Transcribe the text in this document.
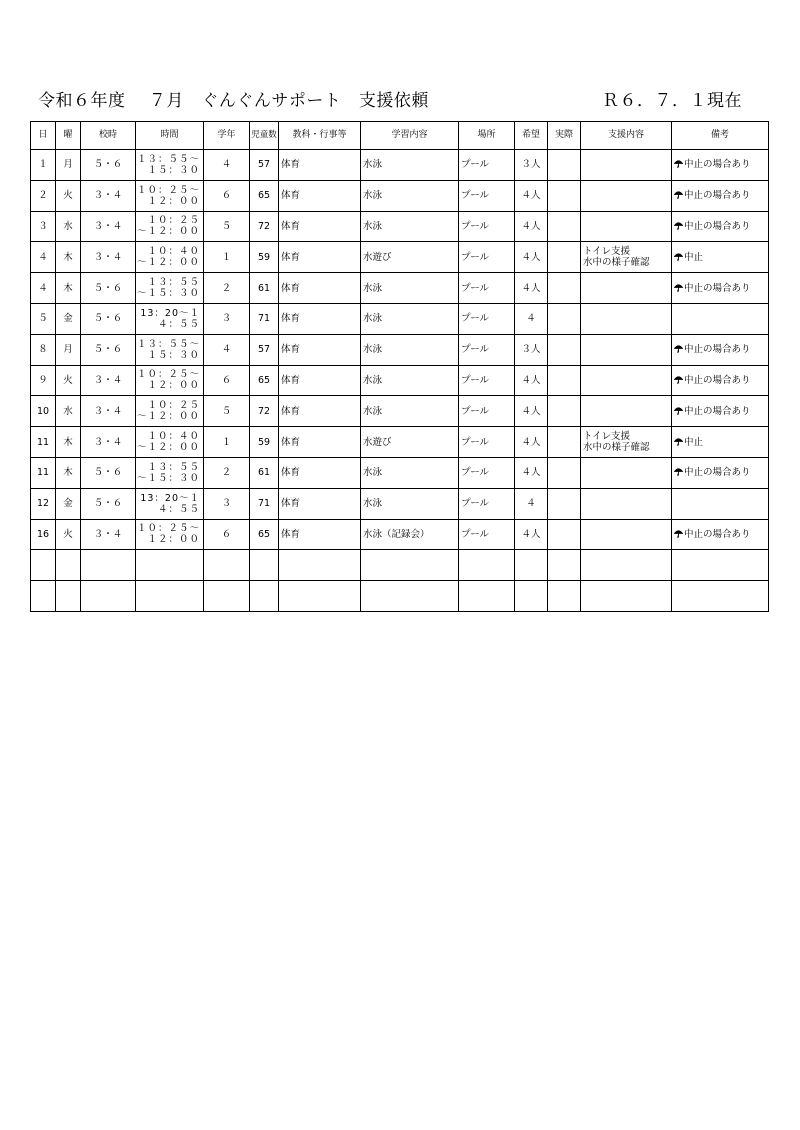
令和６年度　 ７月　ぐんぐんサポート　支援依頼	Ｒ６．７．１現在
日	曜	校時	時間	学年	児童数	教科・行事等	学習内容	場所	希望	実際	支援内容	備考
１	月	５・６	１３：５５～
１５：３０	４	57	体育	水泳	プール	３人			中止の場合あり
２	火	３・４	１０：２５～
１２：００	６	65	体育	水泳	プール	４人			中止の場合あり
３	水	３・４	１０：２５
～１２：００	５	72	体育	水泳	プール	４人			中止の場合あり
４	木	３・４	１０：４０
～１２：００	１	59	体育	水遊び	プール	４人		トイレ支援
水中の様子確認	中止
４	木	５・６	１３：５５
～１５：３０	２	61	体育	水泳	プール	４人			中止の場合あり
５	金	５・６	13：20～１
４：５５	３	71	体育	水泳	プール	４			
８	月	５・６	１３：５５～
１５：３０	４	57	体育	水泳	プール	３人			中止の場合あり
９	火	３・４	１０：２５～
１２：００	６	65	体育	水泳	プール	４人			中止の場合あり
10	水	３・４	１０：２５
～１２：００	５	72	体育	水泳	プール	４人			中止の場合あり
11	木	３・４	１０：４０
～１２：００	１	59	体育	水遊び	プール	４人		トイレ支援
水中の様子確認	中止
11	木	５・６	１３：５５
～１５：３０	２	61	体育	水泳	プール	４人			中止の場合あり
12	金	５・６	13：20～１
４：５５	３	71	体育	水泳	プール	４			
16	火	３・４	１０：２５～
１２：００	６	65	体育	水泳（記録会）	プール	４人			中止の場合あり
